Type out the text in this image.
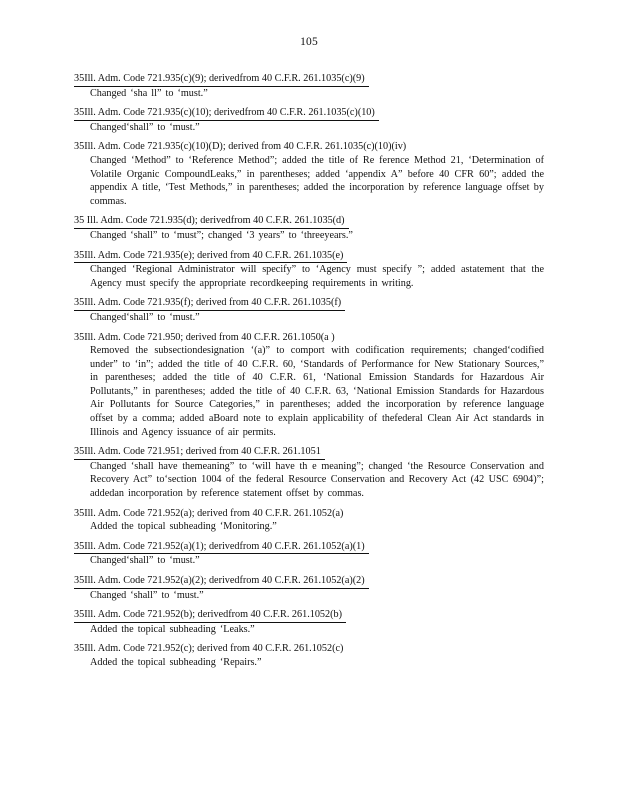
105
35Ill. Adm. Code 721.935(c)(9); derivedfrom 40 C.F.R. 261.1035(c)(9)
Changed ‘sha ll” to ‘must.”
35Ill. Adm. Code 721.935(c)(10); derivedfrom 40 C.F.R. 261.1035(c)(10)
Changed‘shall” to ‘must.”
35Ill. Adm. Code 721.935(c)(10)(D); derived from 40 C.F.R. 261.1035(c)(10)(iv)
Changed ‘Method” to ‘Reference Method”; added the title of Re ference Method 21, ‘Determination of Volatile Organic CompoundLeaks,” in parentheses; added ‘appendix A” before 40 CFR 60”; added the appendix A title, ‘Test Methods,” in parentheses; added the incorporation by reference language offset by commas.
35 Ill. Adm. Code 721.935(d); derivedfrom 40 C.F.R. 261.1035(d)
Changed ‘shall” to ‘must”; changed ‘3 years” to ‘threeyears.”
35Ill. Adm. Code 721.935(e); derived from 40 C.F.R. 261.1035(e)
Changed ‘Regional Administrator will specify” to ‘Agency must specify ”; added astatement that the Agency must specify the appropriate recordkeeping requirements in writing.
35Ill. Adm. Code 721.935(f); derived from 40 C.F.R. 261.1035(f)
Changed‘shall” to ‘must.”
35Ill. Adm. Code 721.950; derived from 40 C.F.R. 261.1050(a )
Removed the subsectiondesignation ‘(a)” to comport with codification requirements; changed‘codified under” to ‘in”; added the title of 40 C.F.R. 60, ‘Standards of Performance for New Stationary Sources,” in parentheses; added the title of 40 C.F.R. 61, ‘National Emission Standards for Hazardous Air Pollutants,” in parentheses; added the title of 40 C.F.R. 63, ‘National Emission Standards for Hazardous Air Pollutants for Source Categories,” in parentheses; added the incorporation by reference language offset by a comma; added aBoard note to explain applicability of thefederal Clean Air Act standards in Illinois and Agency issuance of air permits.
35Ill. Adm. Code 721.951; derived from 40 C.F.R. 261.1051
Changed ‘shall have themeaning” to ‘will have th e meaning”; changed ‘the Resource Conservation and Recovery Act” to‘section 1004 of the federal Resource Conservation and Recovery Act (42 USC 6904)”; addedan incorporation by reference statement offset by commas.
35Ill. Adm. Code 721.952(a); derived from 40 C.F.R. 261.1052(a)
Added the topical subheading ‘Monitoring.”
35Ill. Adm. Code 721.952(a)(1); derivedfrom 40 C.F.R. 261.1052(a)(1)
Changed‘shall” to ‘must.”
35Ill. Adm. Code 721.952(a)(2); derivedfrom 40 C.F.R. 261.1052(a)(2)
Changed ‘shall” to ‘must.”
35Ill. Adm. Code 721.952(b); derivedfrom 40 C.F.R. 261.1052(b)
Added the topical subheading ‘Leaks.”
35Ill. Adm. Code 721.952(c); derived from 40 C.F.R. 261.1052(c)
Added the topical subheading ‘Repairs.”
